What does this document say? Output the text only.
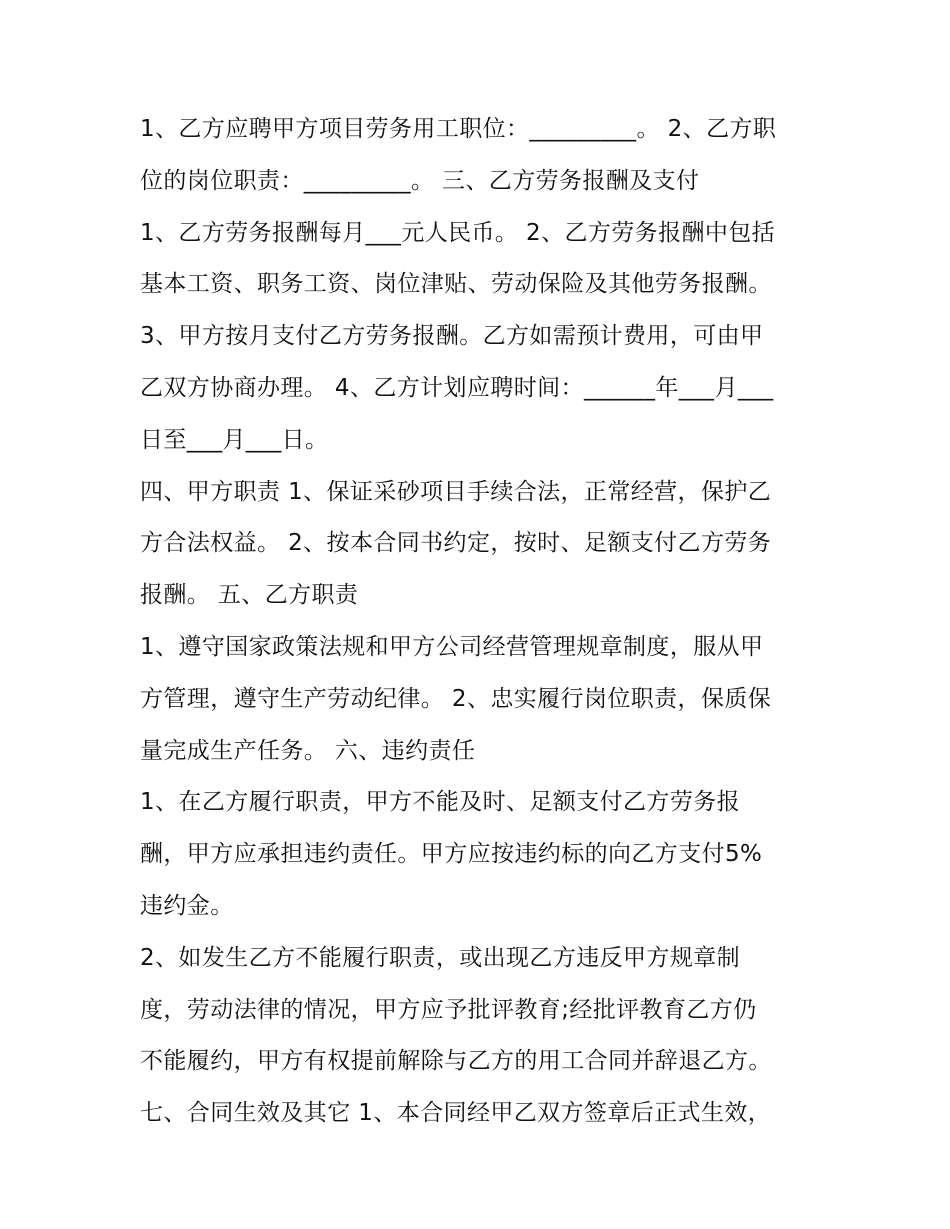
1、乙方应聘甲方项目劳务用工职位：_________。 2、乙方职
位的岗位职责：_________。 三、乙方劳务报酬及支付
1、乙方劳务报酬每月___元人民币。 2、乙方劳务报酬中包括
基本工资、职务工资、岗位津贴、劳动保险及其他劳务报酬。
3、甲方按月支付乙方劳务报酬。乙方如需预计费用，可由甲
乙双方协商办理。 4、乙方计划应聘时间：______年___月___
日至___月___日。
四、甲方职责 1、保证采砂项目手续合法，正常经营，保护乙
方合法权益。 2、按本合同书约定，按时、足额支付乙方劳务
报酬。 五、乙方职责
1、遵守国家政策法规和甲方公司经营管理规章制度，服从甲
方管理，遵守生产劳动纪律。 2、忠实履行岗位职责，保质保
量完成生产任务。 六、违约责任
1、在乙方履行职责，甲方不能及时、足额支付乙方劳务报
酬，甲方应承担违约责任。甲方应按违约标的向乙方支付5%
违约金。
2、如发生乙方不能履行职责，或出现乙方违反甲方规章制
度，劳动法律的情况，甲方应予批评教育;经批评教育乙方仍
不能履约，甲方有权提前解除与乙方的用工合同并辞退乙方。
七、合同生效及其它 1、本合同经甲乙双方签章后正式生效，
